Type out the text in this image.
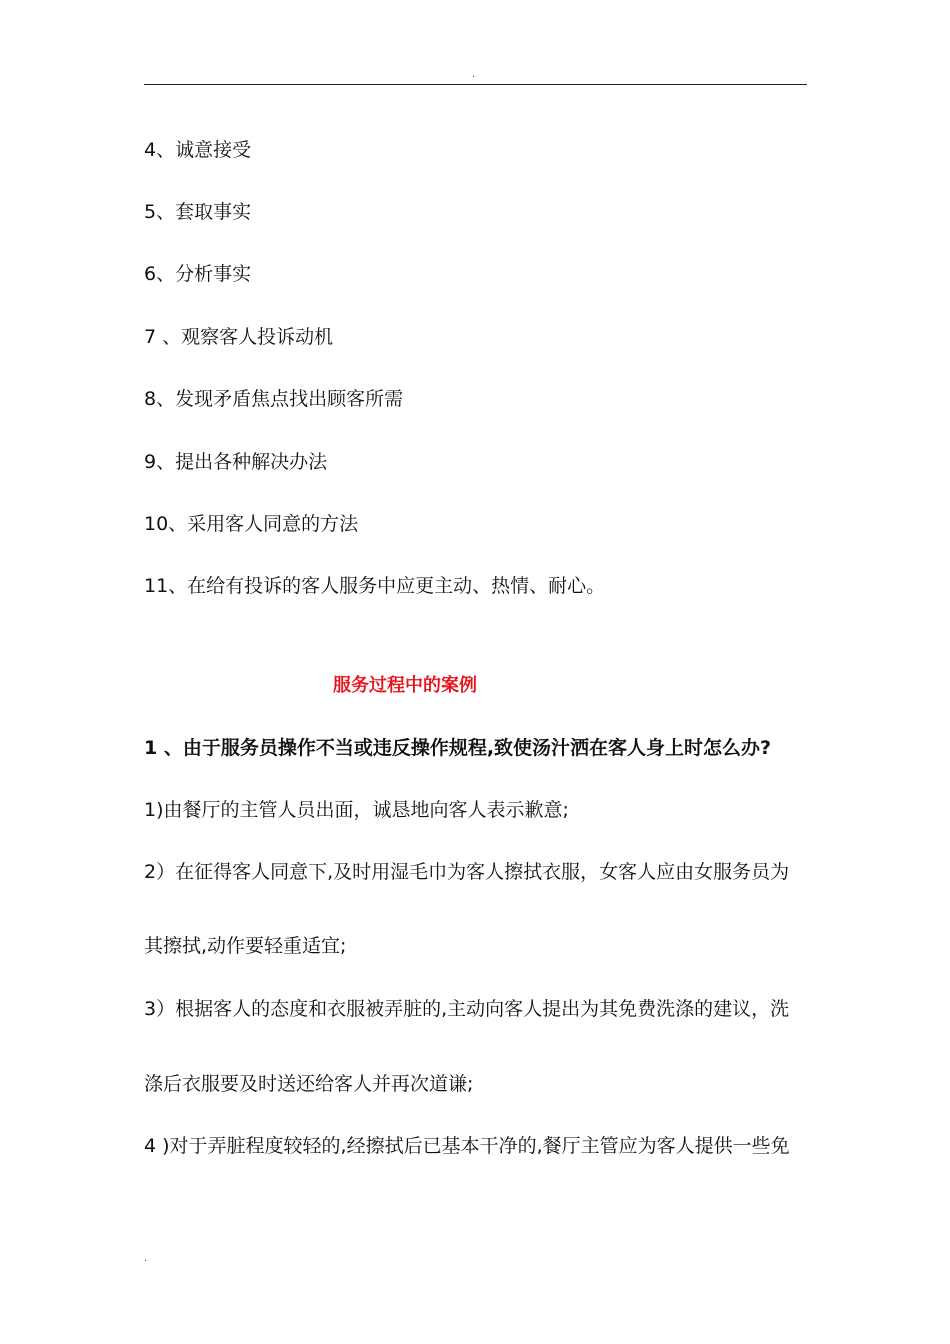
.
4、诚意接受
5、套取事实
6、分析事实
7 、观察客人投诉动机
8、发现矛盾焦点找出顾客所需
9、提出各种解决办法
10、采用客人同意的方法
11、在给有投诉的客人服务中应更主动、热情、耐心。
服务过程中的案例
1 、由于服务员操作不当或违反操作规程,致使汤汁洒在客人身上时怎么办?
1)由餐厅的主管人员出面，诚恳地向客人表示歉意;
2）在征得客人同意下,及时用湿毛巾为客人擦拭衣服，女客人应由女服务员为
其擦拭,动作要轻重适宜;
3）根据客人的态度和衣服被弄脏的,主动向客人提出为其免费洗涤的建议，洗
涤后衣服要及时送还给客人并再次道谦;
4 )对于弄脏程度较轻的,经擦拭后已基本干净的,餐厅主管应为客人提供一些免
.
